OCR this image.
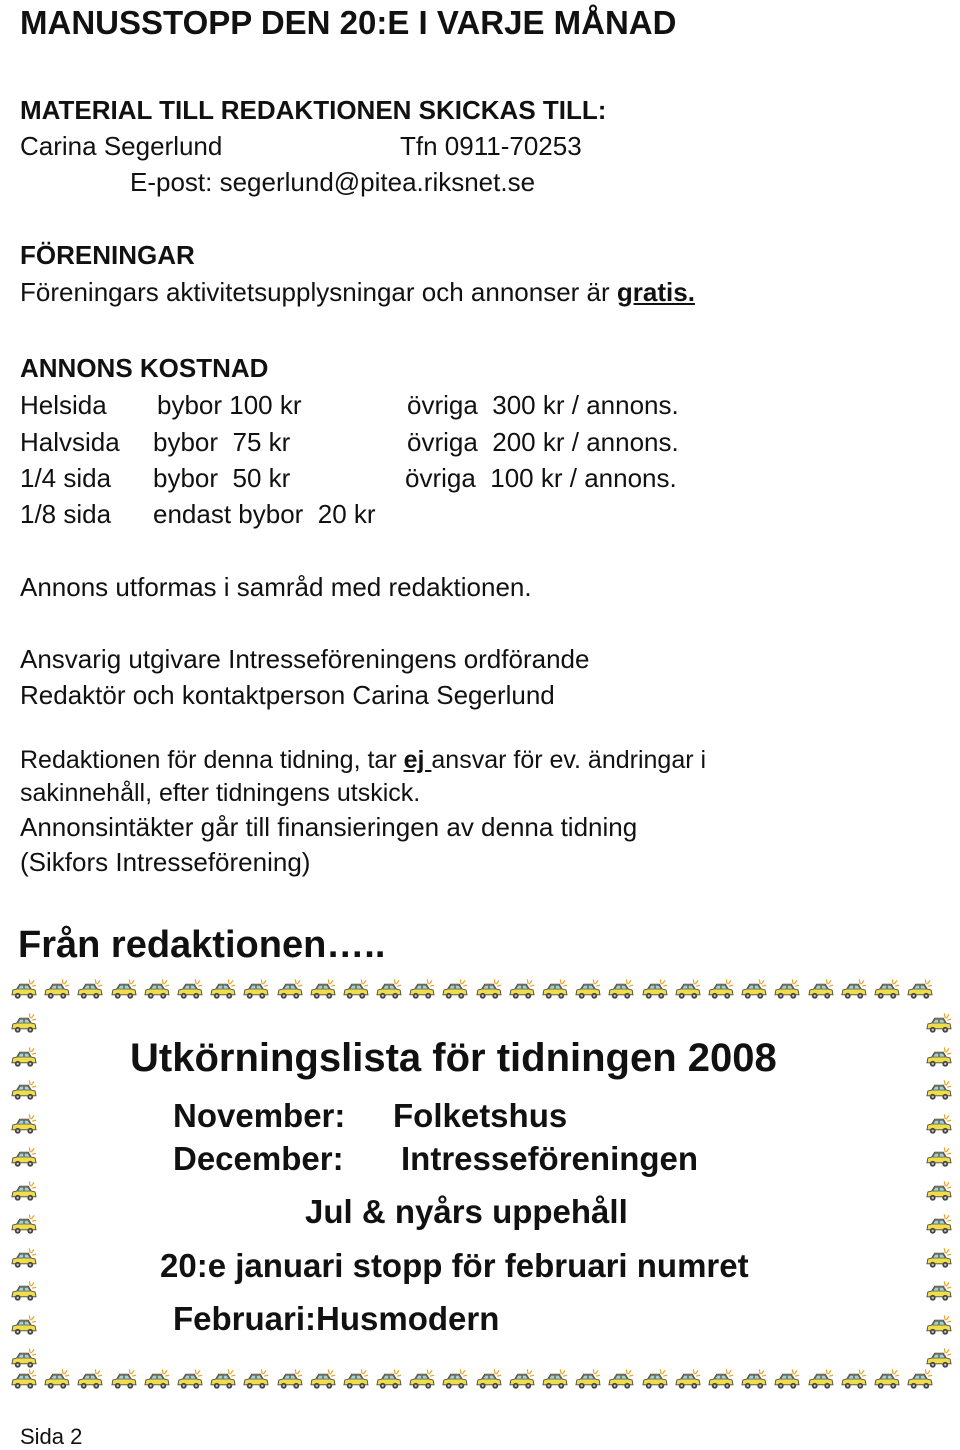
MANUSSTOPP DEN 20:E I VARJE MÅNAD
MATERIAL TILL REDAKTIONEN SKICKAS TILL:
Carina Segerlund	Tfn 0911-70253
E-post: segerlund@pitea.riksnet.se
FÖRENINGAR
Föreningars aktivitetsupplysningar och annonser är gratis.
ANNONS KOSTNAD
Helsida bybor 100 kr	övriga  300 kr / annons.
Halvsida bybor  75 kr	övriga  200 kr / annons.
1/4 sida bybor  50 kr	övriga  100 kr / annons.
1/8 sida endast bybor  20 kr
Annons utformas i samråd med redaktionen.
Ansvarig utgivare Intresseföreningens ordförande
Redaktör och kontaktperson Carina Segerlund
Redaktionen för denna tidning, tar ej ansvar för ev. ändringar i
sakinnehåll, efter tidningens utskick.
Annonsintäkter går till finansieringen av denna tidning
(Sikfors Intresseförening)
Från redaktionen…..
Utkörningslista för tidningen 2008
November: Folketshus
December: Intresseföreningen
Jul & nyårs uppehåll
20:e januari stopp för februari numret
Februari:Husmodern
Sida 2
